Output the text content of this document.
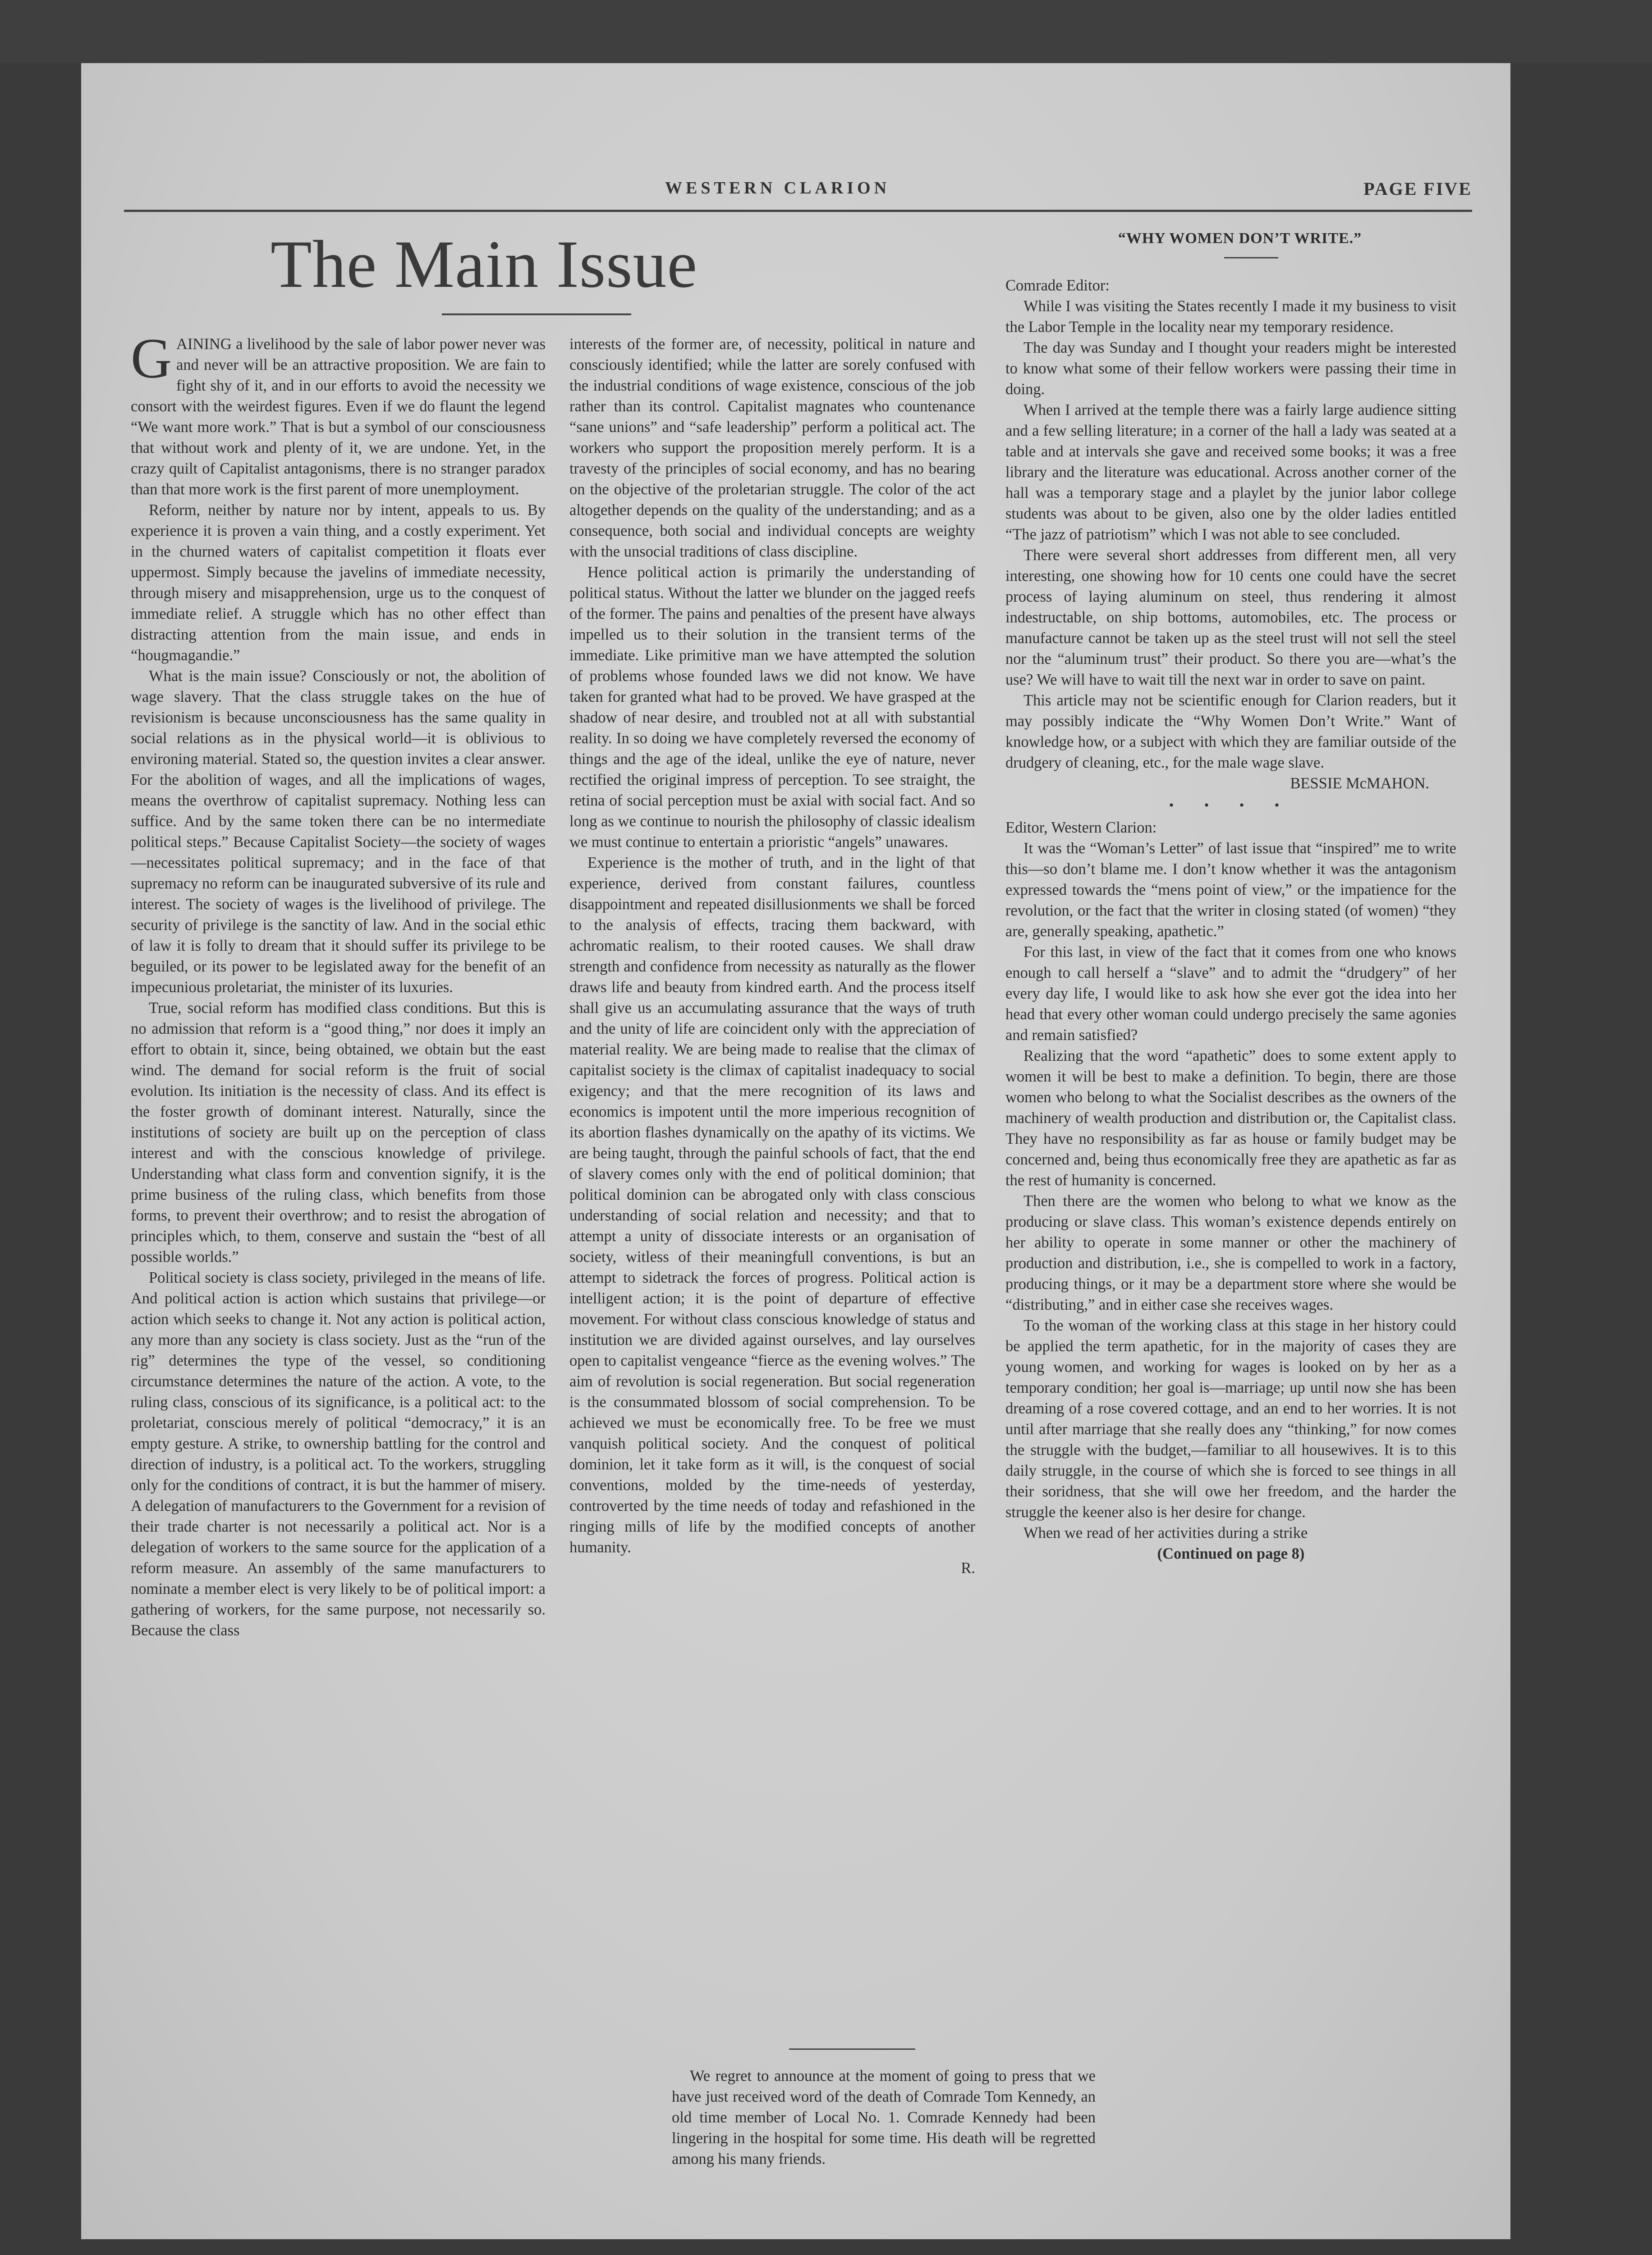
WESTERN CLARION	PAGE FIVE
The Main Issue

GAINING a livelihood by the sale of labor power never was and never will be an attractive proposition. We are fain to fight shy of it, and in our efforts to avoid the necessity we consort with the weirdest figures. Even if we do flaunt the legend “We want more work.” That is but a symbol of our consciousness that without work and plenty of it, we are undone. Yet, in the crazy quilt of Capitalist antagonisms, there is no stranger paradox than that more work is the first parent of more unemployment.

Reform, neither by nature nor by intent, appeals to us. By experience it is proven a vain thing, and a costly experiment. Yet in the churned waters of capitalist competition it floats ever uppermost. Simply because the javelins of immediate necessity, through misery and misapprehension, urge us to the conquest of immediate relief. A struggle which has no other effect than distracting attention from the main issue, and ends in “hougmagandie.”

What is the main issue? Consciously or not, the abolition of wage slavery. That the class struggle takes on the hue of revisionism is because unconsciousness has the same quality in social relations as in the physical world—it is oblivious to environing material. Stated so, the question invites a clear answer. For the abolition of wages, and all the implications of wages, means the overthrow of capitalist supremacy. Nothing less can suffice. And by the same token there can be no intermediate political steps.” Because Capitalist Society—the society of wages—necessitates political supremacy; and in the face of that supremacy no reform can be inaugurated subversive of its rule and interest. The society of wages is the livelihood of privilege. The security of privilege is the sanctity of law. And in the social ethic of law it is folly to dream that it should suffer its privilege to be beguiled, or its power to be legislated away for the benefit of an impecunious proletariat, the minister of its luxuries.

True, social reform has modified class conditions. But this is no admission that reform is a “good thing,” nor does it imply an effort to obtain it, since, being obtained, we obtain but the east wind. The demand for social reform is the fruit of social evolution. Its initiation is the necessity of class. And its effect is the foster growth of dominant interest. Naturally, since the institutions of society are built up on the perception of class interest and with the conscious knowledge of privilege. Understanding what class form and convention signify, it is the prime business of the ruling class, which benefits from those forms, to prevent their overthrow; and to resist the abrogation of principles which, to them, conserve and sustain the “best of all possible worlds.”

Political society is class society, privileged in the means of life. And political action is action which sustains that privilege—or action which seeks to change it. Not any action is political action, any more than any society is class society. Just as the “run of the rig” determines the type of the vessel, so conditioning circumstance determines the nature of the action. A vote, to the ruling class, conscious of its significance, is a political act: to the proletariat, conscious merely of political “democracy,” it is an empty gesture. A strike, to ownership battling for the control and direction of industry, is a political act. To the workers, struggling only for the conditions of contract, it is but the hammer of misery. A delegation of manufacturers to the Government for a revision of their trade charter is not necessarily a political act. Nor is a delegation of workers to the same source for the application of a reform measure. An assembly of the same manufacturers to nominate a member elect is very likely to be of political import: a gathering of workers, for the same purpose, not necessarily so. Because the class

interests of the former are, of necessity, political in nature and consciously identified; while the latter are sorely confused with the industrial conditions of wage existence, conscious of the job rather than its control. Capitalist magnates who countenance “sane unions” and “safe leadership” perform a political act. The workers who support the proposition merely perform. It is a travesty of the principles of social economy, and has no bearing on the objective of the proletarian struggle. The color of the act altogether depends on the quality of the understanding; and as a consequence, both social and individual concepts are weighty with the unsocial traditions of class discipline.

Hence political action is primarily the understanding of political status. Without the latter we blunder on the jagged reefs of the former. The pains and penalties of the present have always impelled us to their solution in the transient terms of the immediate. Like primitive man we have attempted the solution of problems whose founded laws we did not know. We have taken for granted what had to be proved. We have grasped at the shadow of near desire, and troubled not at all with substantial reality. In so doing we have completely reversed the economy of things and the age of the ideal, unlike the eye of nature, never rectified the original impress of perception. To see straight, the retina of social perception must be axial with social fact. And so long as we continue to nourish the philosophy of classic idealism we must continue to entertain a prioristic “angels” unawares.

Experience is the mother of truth, and in the light of that experience, derived from constant failures, countless disappointment and repeated disillusionments we shall be forced to the analysis of effects, tracing them backward, with achromatic realism, to their rooted causes. We shall draw strength and confidence from necessity as naturally as the flower draws life and beauty from kindred earth. And the process itself shall give us an accumulating assurance that the ways of truth and the unity of life are coincident only with the appreciation of material reality. We are being made to realise that the climax of capitalist society is the climax of capitalist inadequacy to social exigency; and that the mere recognition of its laws and economics is impotent until the more imperious recognition of its abortion flashes dynamically on the apathy of its victims. We are being taught, through the painful schools of fact, that the end of slavery comes only with the end of political dominion; that political dominion can be abrogated only with class conscious understanding of social relation and necessity; and that to attempt a unity of dissociate interests or an organisation of society, witless of their meaningfull conventions, is but an attempt to sidetrack the forces of progress. Political action is intelligent action; it is the point of departure of effective movement. For without class conscious knowledge of status and institution we are divided against ourselves, and lay ourselves open to capitalist vengeance “fierce as the evening wolves.” The aim of revolution is social regeneration. But social regeneration is the consummated blossom of social comprehension. To be achieved we must be economically free. To be free we must vanquish political society. And the conquest of political dominion, let it take form as it will, is the conquest of social conventions, molded by the time-needs of yesterday, controverted by the time needs of today and refashioned in the ringing mills of life by the modified concepts of another humanity.

R.

We regret to announce at the moment of going to press that we have just received word of the death of Comrade Tom Kennedy, an old time member of Local No. 1. Comrade Kennedy had been lingering in the hospital for some time. His death will be regretted among his many friends.

“WHY WOMEN DON’T WRITE.”

Comrade Editor:

While I was visiting the States recently I made it my business to visit the Labor Temple in the locality near my temporary residence.

The day was Sunday and I thought your readers might be interested to know what some of their fellow workers were passing their time in doing.

When I arrived at the temple there was a fairly large audience sitting and a few selling literature; in a corner of the hall a lady was seated at a table and at intervals she gave and received some books; it was a free library and the literature was educational. Across another corner of the hall was a temporary stage and a playlet by the junior labor college students was about to be given, also one by the older ladies entitled “The jazz of patriotism” which I was not able to see concluded.

There were several short addresses from different men, all very interesting, one showing how for 10 cents one could have the secret process of laying aluminum on steel, thus rendering it almost indestructable, on ship bottoms, automobiles, etc. The process or manufacture cannot be taken up as the steel trust will not sell the steel nor the “aluminum trust” their product. So there you are—what’s the use? We will have to wait till the next war in order to save on paint.

This article may not be scientific enough for Clarion readers, but it may possibly indicate the “Why Women Don’t Write.” Want of knowledge how, or a subject with which they are familiar outside of the drudgery of cleaning, etc., for the male wage slave.

BESSIE McMAHON.

• • • •

Editor, Western Clarion:

It was the “Woman’s Letter” of last issue that “inspired” me to write this—so don’t blame me. I don’t know whether it was the antagonism expressed towards the “mens point of view,” or the impatience for the revolution, or the fact that the writer in closing stated (of women) “they are, generally speaking, apathetic.”

For this last, in view of the fact that it comes from one who knows enough to call herself a “slave” and to admit the “drudgery” of her every day life, I would like to ask how she ever got the idea into her head that every other woman could undergo precisely the same agonies and remain satisfied?

Realizing that the word “apathetic” does to some extent apply to women it will be best to make a definition. To begin, there are those women who belong to what the Socialist describes as the owners of the machinery of wealth production and distribution or, the Capitalist class. They have no responsibility as far as house or family budget may be concerned and, being thus economically free they are apathetic as far as the rest of humanity is concerned.

Then there are the women who belong to what we know as the producing or slave class. This woman’s existence depends entirely on her ability to operate in some manner or other the machinery of production and distribution, i.e., she is compelled to work in a factory, producing things, or it may be a department store where she would be “distributing,” and in either case she receives wages.

To the woman of the working class at this stage in her history could be applied the term apathetic, for in the majority of cases they are young women, and working for wages is looked on by her as a temporary condition; her goal is—marriage; up until now she has been dreaming of a rose covered cottage, and an end to her worries. It is not until after marriage that she really does any “thinking,” for now comes the struggle with the budget,—familiar to all housewives. It is to this daily struggle, in the course of which she is forced to see things in all their soridness, that she will owe her freedom, and the harder the struggle the keener also is her desire for change.

When we read of her activities during a strike

(Continued on page 8)
